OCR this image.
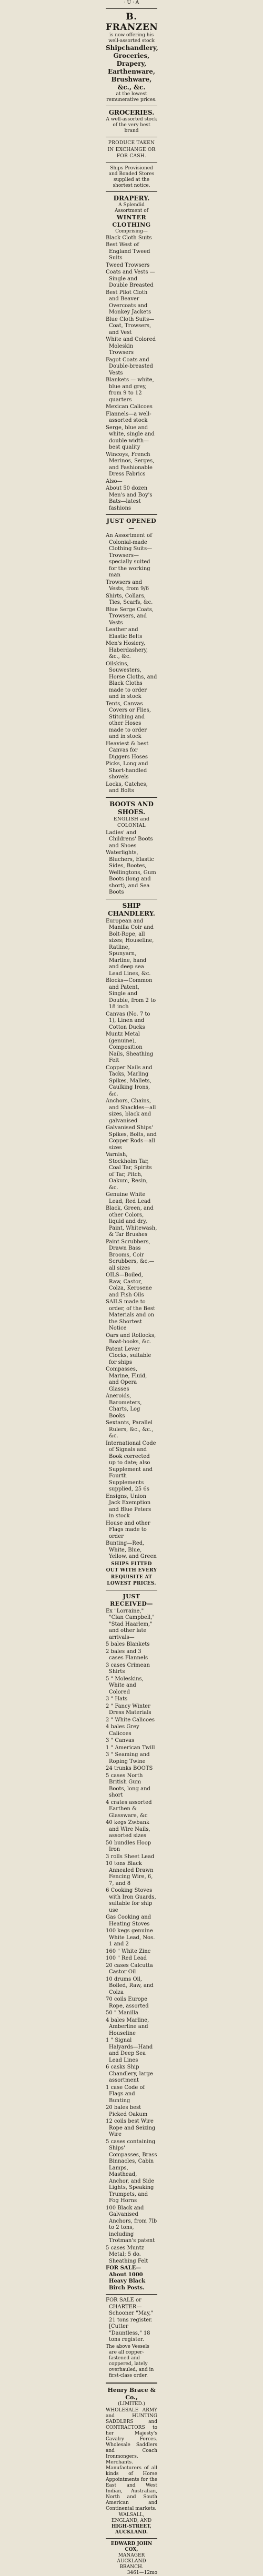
· U · A
B. FRANZEN
is now offering his well-assorted stock
Shipchandlery, Groceries,
Drapery, Earthenware,
Brushware, &c., &c.
at the lowest remunerative prices.
GROCERIES.
A well-assorted stock of the very best brand
PRODUCE TAKEN IN EXCHANGE OR FOR CASH.
Ships Provisioned and Bonded Stores supplied at the shortest notice.
DRAPERY.
A Splendid Assortment of
WINTER CLOTHING
Comprising—
Black Cloth Suits
Best West of England Tweed Suits
Tweed Trowsers
Coats and Vests — Single and Double Breasted
Best Pilot Cloth and Beaver Overcoats and Monkey Jackets
Blue Cloth Suits—Coat, Trowsers, and Vest
White and Colored Moleskin Trowsers
Fagot Coats and Double-breasted Vests
Blankets — white, blue and grey, from 9 to 12 quarters
Mexican Calicoes
Flannels—a well-assorted stock
Serge, blue and white, single and double width—best quality
Wincoys, French Merinos, Serges, and Fashionable Dress Fabrics
Also—
About 50 dozen Men's and Boy's Bats—latest fashions
JUST OPENED—
An Assortment of Colonial-made Clothing Suits—Trowsers—specially suited for the working man
Trowsers and Vests, from 9/6
Shirts, Collars, Ties, Scarfs, &c.
Blue Serge Coats, Trowsers, and Vests
Leather and Elastic Belts
Men's Hosiery, Haberdashery, &c., &c.
Oilskins, Souwesters, Horse Cloths, and Black Cloths made to order and in stock
Tents, Canvas Covers or Flies, Stitching and other Hoses made to order and in stock
Heaviest & best Canvas for Diggers Hoses
Picks, Long and Short-handled shovels
Locks, Catches, and Bolts
BOOTS AND SHOES.
ENGLISH and COLONIAL
Ladies' and Childrens' Boots and Shoes
Waterlights, Bluchers, Elastic Sides, Bootes, Wellingtons, Gum Boots (long and short), and Sea Boots
SHIP CHANDLERY.
European and Manilla Coir and Bolt-Rope, all sizes; Houseline, Ratline, Spunyarn, Marline, hand and deep sea Lead Lines, &c.
Blocks—Common and Patent, Single and Double, from 2 to 18 inch
Canvas (No. 7 to 1), Linen and Cotton Ducks
Muntz Metal (genuine), Composition Nails, Sheathing Felt
Copper Nails and Tacks, Marling Spikes, Mallets, Caulking Irons, &c.
Anchors, Chains, and Shackles—all sizes, black and galvanised
Galvanised Ships' Spikes, Bolts, and Copper Rods—all sizes
Varnish, Stockholm Tar, Coal Tar, Spirits of Tar, Pitch, Oakum, Resin, &c.
Genuine White Lead, Red Lead
Black, Green, and other Colors, liquid and dry, Paint, Whitewash, & Tar Brushes
Paint Scrubbers, Drawn Bass Brooms, Coir Scrubbers, &c.—all sizes
OILS—Boiled, Raw, Castor, Colza, Kerosene and Fish Oils
SAILS made to order, of the Best Materials and on the Shortest Notice
Oars and Rollocks, Boat-hooks, &c.
Patent Lever Clocks, suitable for ships
Compasses, Marine, Fluid, and Opera Glasses
Aneroids, Barometers, Charts, Log Books
Sextants, Parallel Rulers, &c., &c., &c.
International Code of Signals and Book corrected up to date; also Supplement and Fourth Supplements supplied, 25 6s
Ensigns, Union Jack Exemption and Blue Peters in stock
House and other Flags made to order
Bunting—Red, White, Blue, Yellow, and Green
SHIPS FITTED OUT WITH EVERY REQUISITE AT LOWEST PRICES.
JUST RECEIVED—
Ex "Lorraine," "Clan Campbell," "Stad Haarlem," and other late arrivals—
5 bales Blankets
2 bales and 3 cases Flannels
3 cases Crimean Shirts
5 " Moleskins, White and Colored
3 " Hats
2 " Fancy Winter Dress Materials
2 " White Calicoes
4 bales Grey Calicoes
3 " Canvas
1 " American Twill
3 " Seaming and Roping Twine
24 trunks BOOTS
5 cases North British Gum Boots, long and short
4 crates assorted Earthen & Glassware, &c
40 kegs Zwbank and Wire Nails, assorted sizes
50 bundles Hoop Iron
3 rolls Sheet Lead
10 tons Black Annealed Drawn Fencing Wire, 6, 7, and 8
6 Cooking Stoves with Iron Guards, suitable for ship use
Gas Cooking and Heating Stoves
100 kegs genuine White Lead, Nos. 1 and 2
160 " White Zinc
100 " Red Lead
20 cases Calcutta Castor Oil
10 drums Oil, Boiled, Raw, and Colza
70 coils Europe Rope, assorted
50 " Manilla
4 bales Marline, Amberline and Houseline
1 " Signal Halyards—Hand and Deep Sea Lead Lines
6 casks Ship Chandlery, large assortment
1 case Code of Flags and Bunting
20 bales best Picked Oakum
12 coils best Wire Rope and Seizing Wire
5 cases containing Ships' Compasses, Brass Binnacles, Cabin Lamps, Masthead, Anchor, and Side Lights, Speaking Trumpets, and Fog Horns
100 Black and Galvanised Anchors, from 7lb to 2 tons, including Trotman's patent
5 cases Muntz Metal; 5 do. Sheathing Felt
FOR SALE—About 1000 Heavy Black Birch Posts.
FOR SALE or CHARTER—Schooner "May," 21 tons register. [Cutter "Dauntless," 18 tons register.
The above Vessels are all copper-fastened and coppered, lately overhauled, and in first-class order.
Henry Brace & Co.,
(LIMITED.)
WHOLESALE ARMY and HUNTING SADDLERS and CONTRACTORS to her Majesty's Cavalry Forces. Wholesale Saddlers and Coach Ironmongers. Merchants. Manufacturers of all kinds of Horse Appointments for the East and West Indian, Australian, North and South American and Continental markets.
WALSALL, ENGLAND, AND
HIGH-STREET, AUCKLAND.
EDWARD JOHN COX,
MANAGER AUCKLAND BRANCH.
3461—12mo
